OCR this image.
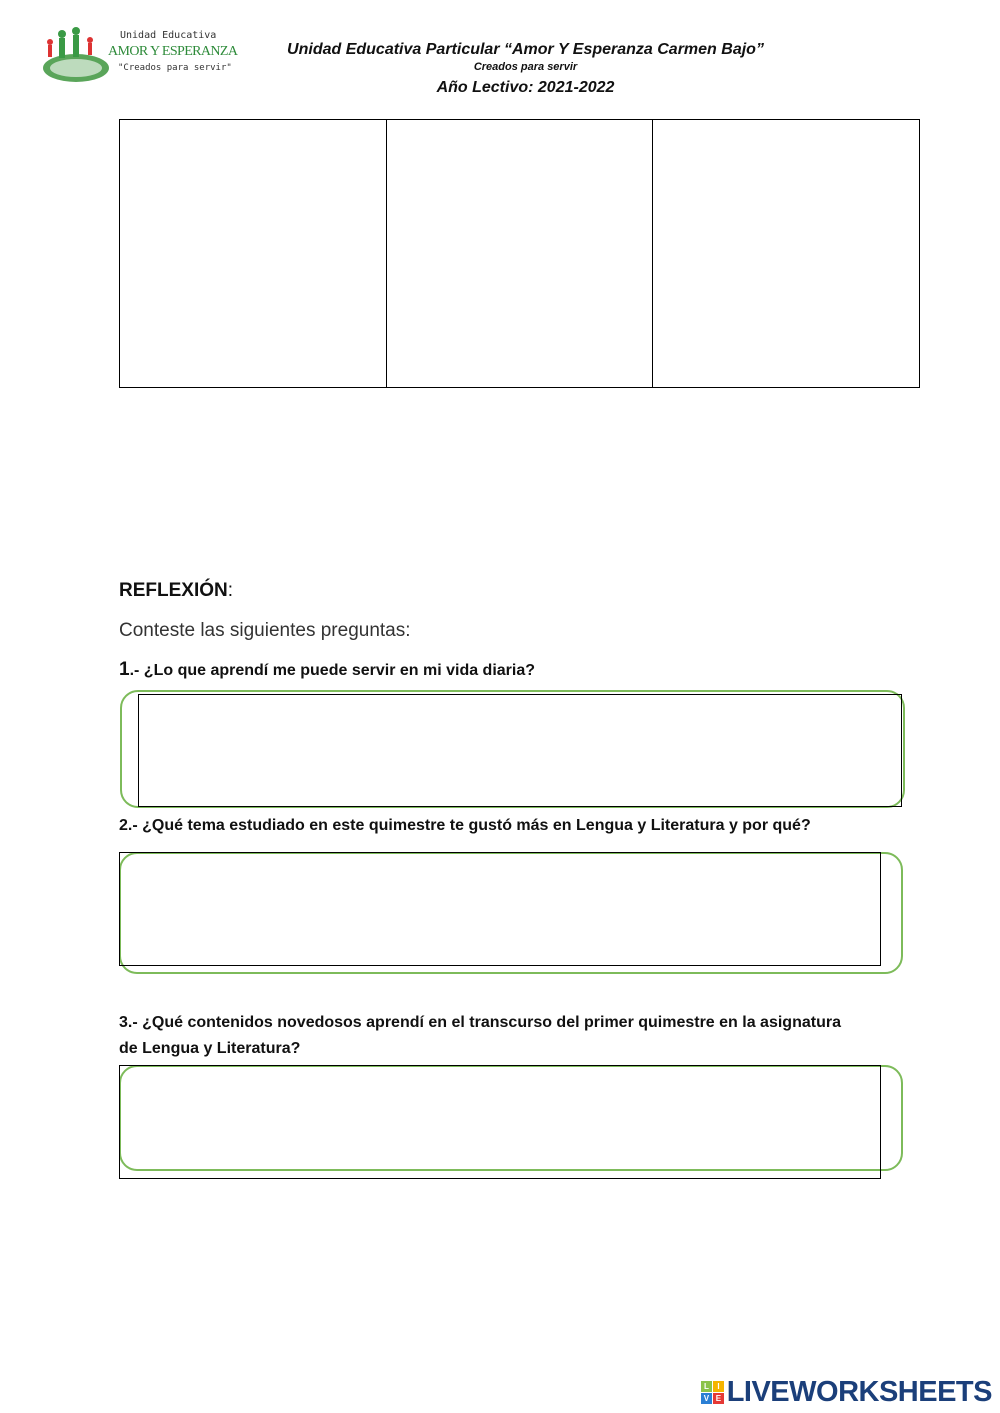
Unidad Educativa
AMOR Y ESPERANZA
"Creados para servir"
Unidad Educativa Particular “Amor Y Esperanza Carmen Bajo”
Creados para servir
Año Lectivo: 2021-2022

REFLEXIÓN:
Conteste las siguientes preguntas:
1.- ¿Lo que aprendí me puede servir en mi vida diaria?
2.- ¿Qué tema estudiado en este quimestre te gustó más en Lengua y Literatura y por qué?
3.- ¿Qué contenidos novedosos aprendí en el transcurso del primer quimestre en la asignatura de Lengua y Literatura?
L	I
V E LIVEWORKSHEETS
